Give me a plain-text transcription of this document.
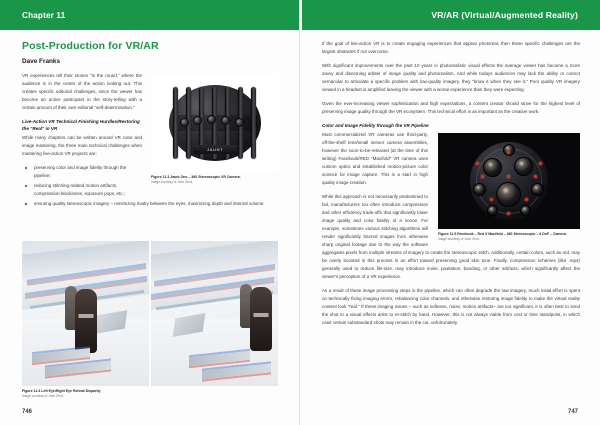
Chapter 11
Post-Production for VR/AR
Dave Franks
JAUNT
Figure 11.3 Jaunt One – 360 Stereoscopic VR Camera.
Image courtesy of John Grod.

VR experiences tell their stories "in the round," where the audience is in the center of the action looking out. This creates specific editorial challenges, since the viewer has become an active participant in the story-telling with a certain amount of their own editorial "self-determination."

Live-Action VR Technical Finishing Hurdles/Restoring the "Real" in VR

While many chapters can be written around VR color and image mastering, the three main technical challenges when mastering live-action VR projects are:

preserving color and image fidelity through the pipeline;
reducing stitching-related motion artifacts, compression-blockiness, exposure pops, etc.;
ensuring quality stereoscopic imagery – minimizing rivalry between the eyes, maximizing depth and internal volume.
Figure 11.4 Left Eye/Right Eye Retinal Disparity
Image courtesy of John Grod.
746
VR/AR (Virtual/Augmented Reality)

If the goal of live-action VR is to create engaging experiences that appear photoreal, then these specific challenges are the largest obstacles if not overcome.

With significant improvements over the past 10 years in photorealistic visual effects the average viewer has become a more savvy and discerning arbiter of image quality and photorealism. And while todays audiences may lack the ability or correct vernacular to articulate a specific problem with low-quality imagery, they "know it when they see it." Poor quality VR imagery viewed in a headset is amplified leaving the viewer with a worse experience than they were expecting.

Given the ever-increasing viewer sophistication and high expectations, a content creator should strive for the highest level of preserving image quality through the VR ecosystem. This technical effort is as important as the creative work.

Color and Image Fidelity through the VR Pipeline
Figure 11.5 Facebook – Red X Manifold – 360 Stereoscopic – 6 DoF – Camera.
Image courtesy of John Grod.

Most commercialized VR cameras use third-party, off-the-shelf lens/small sensor camera assemblies, however the soon-to-be-released (at the time of this writing) Facebook/RED "Manifold" VR camera uses custom optics and established motion-picture color science for image capture. This is a start in high quality image creation.

While this approach is not necessarily predestined to fail, manufacturers too often introduce compression and other efficiency trade-offs that significantly lower image quality and color fidelity of a scene. For example, sometimes various stitching algorithms will render significantly blurred images from otherwise sharp original footage due to the way the software aggregates pixels from multiple streams of imagery to create the stereoscopic stitch. Additionally, certain colors, such as red, may be overly boosted in this process in an effort toward preserving good skin tone. Finally, compression schemes (like .mp4) generally used to reduce file-size, may introduce noise, pixelation, banding, or other artifacts, which significantly affect the viewer's perception of a VR experience.

As a result of these image processing steps in the pipeline, which can often degrade the raw imagery, much initial effort is spent on technically fixing imaging errors, rebalancing color channels, and otherwise restoring image fidelity to make the virtual reality content look "real." If these imaging issues – such as softness, noise, motion artifacts– are too significant, it is often best to send the shot to a visual effects artist to re-stitch by hand. However, this is not always viable from cost or time standpoint, in which case certain substandard shots may remain in the cut, unfortunately.

747
